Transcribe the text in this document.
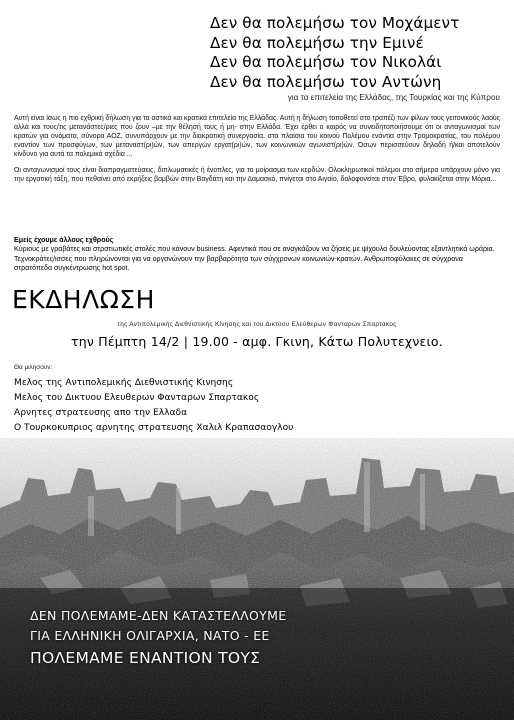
Δεν θα πολεμήσω τον Μοχάμεντ
Δεν θα πολεμήσω την Εμινέ
Δεν θα πολεμήσω τον Νικολάι
Δεν θα πολεμήσω τον Αντώνη
για τα επιτελεία της Ελλάδας, της Τουρκίας και της Κύπρου

Αυτή είναι ίσως η πιο εχθρική δήλωση για τα αστικά και κρατικά επιτελεία της Ελλάδας. Αυτή η δήλωση τοποθετεί στο τραπέζι των φίλων τους γειτονικούς λαούς αλλά και τους/τις μετανάστες/ριες που ζουν –με την θέλησή τους ή μη- στην Ελλάδα. Έχει έρθει ο καιρός να συνειδητοποιήσουμε ότι οι ανταγωνισμοί των κρατών για ονόματα, σύνορα ΑΟΖ, συνυπάρχουν με την διακρατική συνεργασία. στα πλαίσια του κοινού Πολέμου ενάντια στην Τρομοκρατίας, του πολέμου εναντίον των προσφύγων, των μεταναστ(ρι)ών, των απεργών εργατ(ρι)ών, των κοινωνικών αγωνιστ(ρι)ών. Όσων περισσεύουν δηλαδή ή/και αποτελούν κίνδυνο για αυτά τα πολεμικά σχέδια ...

Οι ανταγωνισμοί τους είναι διαπραγματεύσεις, διπλωματικές ή ένοπλες, για το μοίρασμα των κερδών. Ολοκληρωτικοί πόλεμοι στο σήμερα υπάρχουν μόνο για την εργατική τάξη, που πεθαίνει από εκρήξεις βομβών στην Βαγδάτη και την Δαμασκό, πνίγεται στο Αιγαίο, δολοφονείται στον Έβρο, φυλακίζεται στην Μόρια...

Εμείς έχουμε άλλους εχθρούς
Κύριους με γραβάτες και στρατιωτικές στολές που κάνουν business. Αφεντικά που σε αναγκάζουν να ζήσεις με ψίχουλα δουλεύοντας εξαντλητικά ωράρια. Τεχνοκράτες/ισσες που πληρώνονται για να οργανώνουν την βαρβαρότητα των σύγχρονων κοινωνιών-κρατών. Ανθρωποφύλακες σε σύγχρονα στρατόπεδα συγκέντρωσης hot spot.
ΕΚΔΗΛΩΣΗ
της Αντιπολεμικής Διεθνιστικής Κίνησης και του Δικτύου Ελεύθερων Φανταρων Σπαρτακος
την Πέμπτη 14/2 | 19.00 - αμφ. Γκινη, Κάτω Πολυτεχνειο.
Θα μιλησουν:
Μελος της Αντιπολεμικής Διεθνιστικής Κινησης
Μελος του Δικτυου Ελευθερων Φανταρων Σπαρτακος
Αρνητες στρατευσης απο την Ελλαδα
Ο Τουρκοκυπριος αρνητης στρατευσης Χαλιλ Κραπασαογλου
ΔΕΝ ΠΟΛΕΜΑΜΕ-ΔΕΝ ΚΑΤΑΣΤΕΛΛΟΥΜΕ
ΓΙΑ ΕΛΛΗΝΙΚΗ ΟΛΙΓΑΡΧΙΑ, ΝΑΤΟ - ΕΕ
ΠΟΛΕΜΑΜΕ ΕΝΑΝΤΙΟΝ ΤΟΥΣ
